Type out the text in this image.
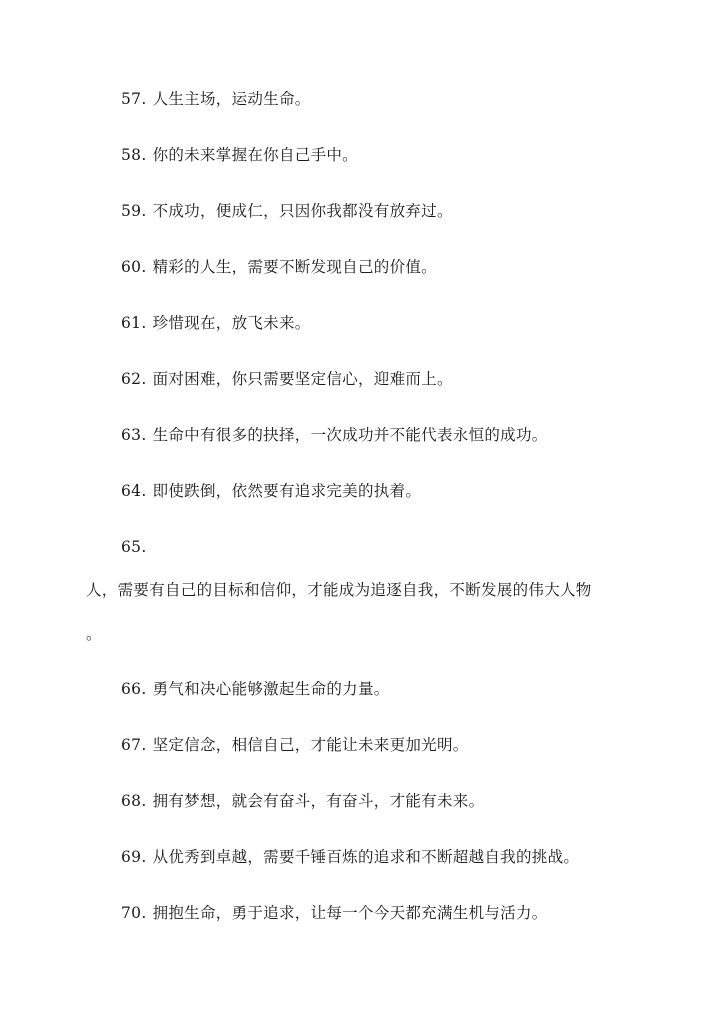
57. 人生主场，运动生命。

58. 你的未来掌握在你自己手中。

59. 不成功，便成仁，只因你我都没有放弃过。

60. 精彩的人生，需要不断发现自己的价值。

61. 珍惜现在，放飞未来。

62. 面对困难，你只需要坚定信心，迎难而上。

63. 生命中有很多的抉择，一次成功并不能代表永恒的成功。

64. 即使跌倒，依然要有追求完美的执着。

65.

人，需要有自己的目标和信仰，才能成为追逐自我，不断发展的伟大人物

。

66. 勇气和决心能够激起生命的力量。

67. 坚定信念，相信自己，才能让未来更加光明。

68. 拥有梦想，就会有奋斗，有奋斗，才能有未来。

69. 从优秀到卓越，需要千锤百炼的追求和不断超越自我的挑战。

70. 拥抱生命，勇于追求，让每一个今天都充满生机与活力。
